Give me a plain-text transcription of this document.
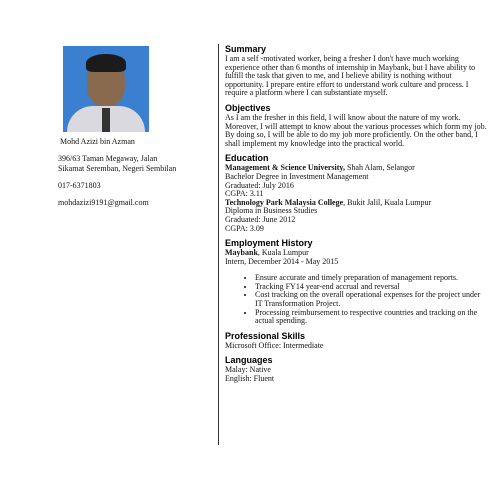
Mohd Azizi bin Azman
396/63 Taman Megaway, Jalan
Sikamat Seremban, Negeri Sembilan
017-6371803
mohdazizi9191@gmail.com
Summary

I am a self -motivated worker, being a fresher I don't have much working experience other than 6 months of internship in Maybank, but I have ability to fulfill the task that given to me, and I believe ability is nothing without opportunity. I prepare entire effort to understand work culture and process. I require a platform where I can substantiate myself.

Objectives

As I am the fresher in this field, I will know about the nature of my work. Moreover, I will attempt to know about the various processes which form my job. By doing so, I will be able to do my job more proficiently. On the other band, I shall implement my knowledge into the practical world.

Education

Management & Science University, Shah Alam, Selangor

Bachelor Degree in Investment Management

Graduated: July 2016

CGPA: 3.11

Technology Park Malaysia College, Bukit Jalil, Kuala Lumpur

Diploma in Business Studies

Graduated: June 2012

CGPA: 3.09

Employment History

Maybank, Kuala Lumpur

Intern, December 2014 - May 2015

• Ensure accurate and timely preparation of management reports.
• Tracking FY14 year-end accrual and reversal
• Cost tracking on the overall operational expenses for the project under IT Transformation Project.
• Processing reimbursement to respective countries and tracking on the actual spending.
Professional Skills

Microsoft Office: Intermediate

Languages

Malay: Native

English: Fluent
